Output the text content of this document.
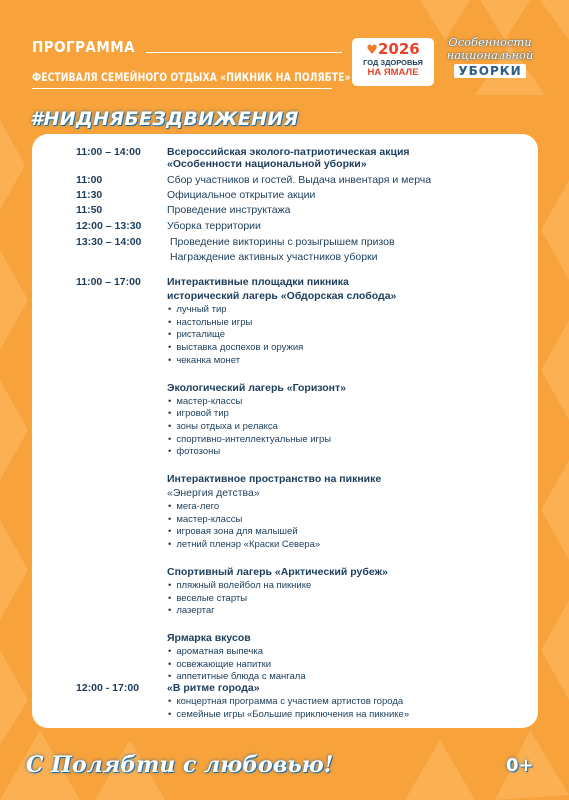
ПРОГРАММА
ФЕСТИВАЛЯ СЕМЕЙНОГО ОТДЫХА «ПИКНИК НА ПОЛЯБТЕ»
♥2026
ГОД ЗДОРОВЬЯ
НА ЯМАЛЕ
Особенности
национальной
УБОРКИ
#НИДНЯБЕЗДВИЖЕНИЯ
11:00 – 14:00 Всероссийская эколого-патриотическая акция
«Особенности национальной уборки»
11:00	Сбор участников и гостей. Выдача инвентаря и мерча
11:30	Официальное открытие акции
11:50	Проведение инструктажа
12:00 – 13:30 Уборка территории
13:30 – 14:00	Проведение викторины с розыгрышем призов
Награждение активных участников уборки
11:00 – 17:00 Интерактивные площадки пикника
исторический лагерь «Обдорская слобода»
• лучный тир
• настольные игры
• ристалище
• выставка доспехов и оружия
• чеканка монет
Экологический лагерь «Горизонт»
• мастер-классы
• игровой тир
• зоны отдыха и релакса
• спортивно-интеллектуальные игры
• фотозоны
Интерактивное пространство на пикнике
«Энергия детства»
• мега-лего
• мастер-классы
• игровая зона для малышей
• летний пленэр «Краски Севера»
Спортивный лагерь «Арктический рубеж»
• пляжный волейбол на пикнике
• веселые старты
• лазертаг
Ярмарка вкусов
• ароматная выпечка
• освежающие напитки
• аппетитные блюда с мангала
12:00 - 17:00	«В ритме города»
• концертная программа с участием артистов города
• семейные игры «Большие приключения на пикнике»
С Полябти с любовью!	0+
